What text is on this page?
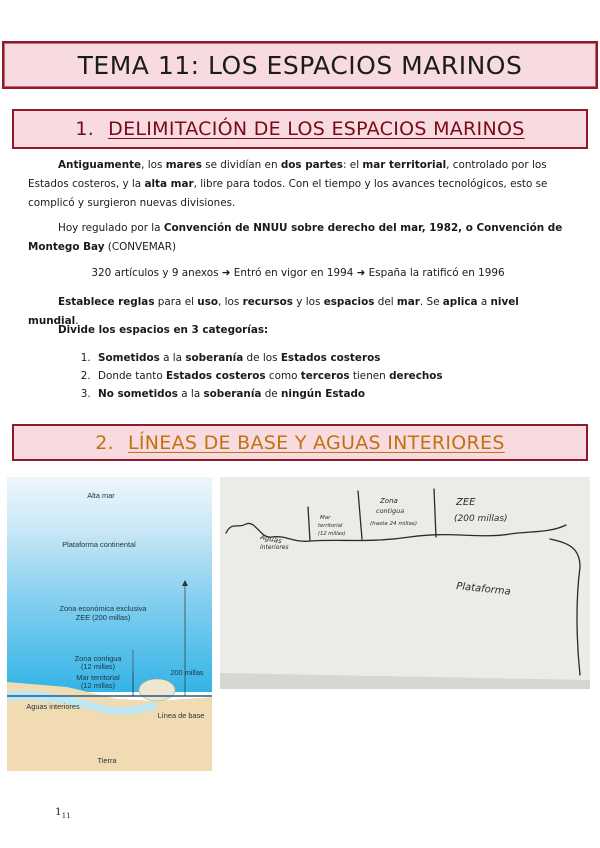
TEMA 11: LOS ESPACIOS MARINOS
1. DELIMITACIÓN DE LOS ESPACIOS MARINOS
Antiguamente, los mares se dividían en dos partes: el mar territorial, controlado por los Estados costeros, y la alta mar, libre para todos. Con el tiempo y los avances tecnológicos, esto se complicó y surgieron nuevas divisiones.
Hoy regulado por la Convención de NNUU sobre derecho del mar, 1982, o Convención de Montego Bay (CONVEMAR)
320 artículos y 9 anexos ➜ Entró en vigor en 1994 ➜ España la ratificó en 1996
Establece reglas para el uso, los recursos y los espacios del mar. Se aplica a nivel mundial.
Divide los espacios en 3 categorías:
1. Sometidos a la soberanía de los Estados costeros
2. Donde tanto Estados costeros como terceros tienen derechos
3. No sometidos a la soberanía de ningún Estado
2. LÍNEAS DE BASE Y AGUAS INTERIORES
Alta mar
Plataforma continental
Zona económica exclusiva
ZEE (200 millas)
Zona contigua
(12 millas)
Mar territorial
(12 millas)
200 millas
Aguas interiores
Línea de base
Tierra
Aguas
interiores
Mar
territorial
(12 millas)
Zona
contigua
(hasta 24 millas)
ZEE
(200 millas)
Plataforma
$1_{11}$
